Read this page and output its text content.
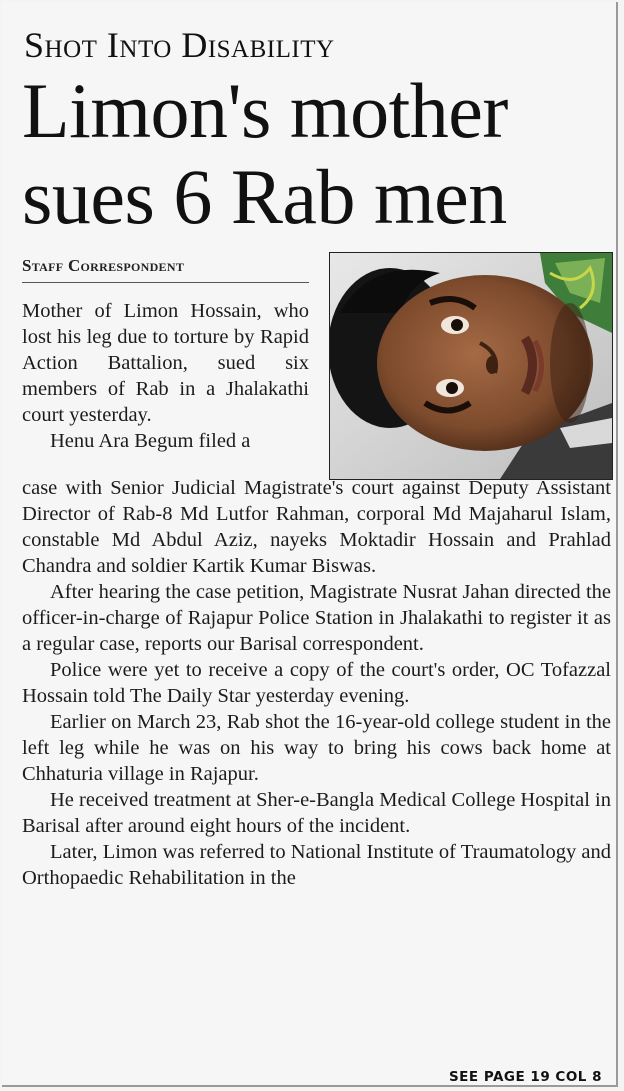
Shot Into Disability
Limon's mother
sues 6 Rab men
Staff Correspondent

Mother of Limon Hossain, who lost his leg due to torture by Rapid Action Battalion, sued six members of Rab in a Jhalakathi court yesterday.

Henu Ara Begum filed a

case with Senior Judicial Magistrate's court against Deputy Assistant Director of Rab-8 Md Lutfor Rahman, corporal Md Majaharul Islam, constable Md Abdul Aziz, nayeks Moktadir Hossain and Prahlad Chandra and soldier Kartik Kumar Biswas.

After hearing the case petition, Magistrate Nusrat Jahan directed the officer-in-charge of Rajapur Police Station in Jhalakathi to register it as a regular case, reports our Barisal correspondent.

Police were yet to receive a copy of the court's order, OC Tofazzal Hossain told The Daily Star yesterday evening.

Earlier on March 23, Rab shot the 16-year-old college student in the left leg while he was on his way to bring his cows back home at Chhaturia village in Rajapur.

He received treatment at Sher-e-Bangla Medical College Hospital in Barisal after around eight hours of the incident.

Later, Limon was referred to National Institute of Traumatology and Orthopaedic Rehabilitation in the

SEE PAGE 19 COL 8
